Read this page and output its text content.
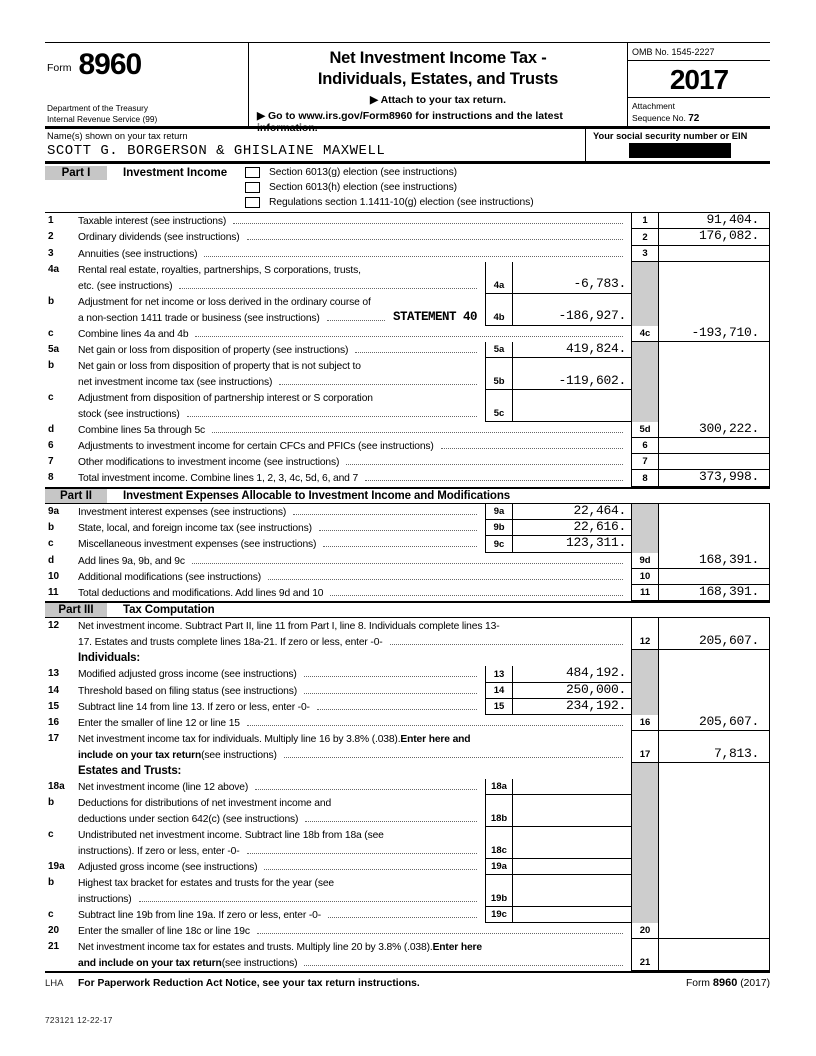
Form 8960
Department of the Treasury
Internal Revenue Service (99)
Net Investment Income Tax -
Individuals, Estates, and Trusts
▶ Attach to your tax return.
▶ Go to www.irs.gov/Form8960 for instructions and the latest information.
OMB No. 1545-2227
2017
Attachment
Sequence No. 72
Name(s) shown on your tax return
SCOTT G. BORGERSON & GHISLAINE MAXWELL
Your social security number or EIN
Part I	Investment Income	Section 6013(g) election (see instructions)
Section 6013(h) election (see instructions)
Regulations section 1.1411-10(g) election (see instructions)
1	Taxable interest (see instructions)	1	91,404.
2	Ordinary dividends (see instructions)	2	176,082.
3	Annuities (see instructions)	3
4a	Rental real estate, royalties, partnerships, S corporations, trusts,
etc. (see instructions)	4a	-6,783.
b	Adjustment for net income or loss derived in the ordinary course of
a non-section 1411 trade or business (see instructions)	STATEMENT 40	4b	-186,927.
c	Combine lines 4a and 4b	4c	-193,710.
5a	Net gain or loss from disposition of property (see instructions)	5a	419,824.
b	Net gain or loss from disposition of property that is not subject to
net investment income tax (see instructions)	5b	-119,602.
c	Adjustment from disposition of partnership interest or S corporation
stock (see instructions)	5c
d	Combine lines 5a through 5c	5d	300,222.
6	Adjustments to investment income for certain CFCs and PFICs (see instructions)	6
7	Other modifications to investment income (see instructions)	7
8	Total investment income. Combine lines 1, 2, 3, 4c, 5d, 6, and 7	8	373,998.
Part II	Investment Expenses Allocable to Investment Income and Modifications
9a	Investment interest expenses (see instructions)	9a	22,464.
b	State, local, and foreign income tax (see instructions)	9b	22,616.
c	Miscellaneous investment expenses (see instructions)	9c	123,311.
d	Add lines 9a, 9b, and 9c	9d	168,391.
10	Additional modifications (see instructions)	10
11	Total deductions and modifications. Add lines 9d and 10	11	168,391.
Part III	Tax Computation
12	Net investment income. Subtract Part II, line 11 from Part I, line 8. Individuals complete lines 13-
17. Estates and trusts complete lines 18a-21. If zero or less, enter -0-	12	205,607.
Individuals:
13	Modified adjusted gross income (see instructions)	13	484,192.
14	Threshold based on filing status (see instructions)	14	250,000.
15	Subtract line 14 from line 13. If zero or less, enter -0-	15	234,192.
16	Enter the smaller of line 12 or line 15	16	205,607.
17	Net investment income tax for individuals. Multiply line 16 by 3.8% (.038). Enter here and
include on your tax return (see instructions)	17	7,813.
Estates and Trusts:
18a	Net investment income (line 12 above)	18a
b	Deductions for distributions of net investment income and
deductions under section 642(c) (see instructions)	18b
c	Undistributed net investment income. Subtract line 18b from 18a (see
instructions). If zero or less, enter -0-	18c
19a	Adjusted gross income (see instructions)	19a
b	Highest tax bracket for estates and trusts for the year (see
instructions)	19b
c	Subtract line 19b from line 19a. If zero or less, enter -0-	19c
20	Enter the smaller of line 18c or line 19c	20
21	Net investment income tax for estates and trusts. Multiply line 20 by 3.8% (.038). Enter here
and include on your tax return (see instructions)	21
LHA	For Paperwork Reduction Act Notice, see your tax return instructions.	Form 8960 (2017)
723121 12-22-17
